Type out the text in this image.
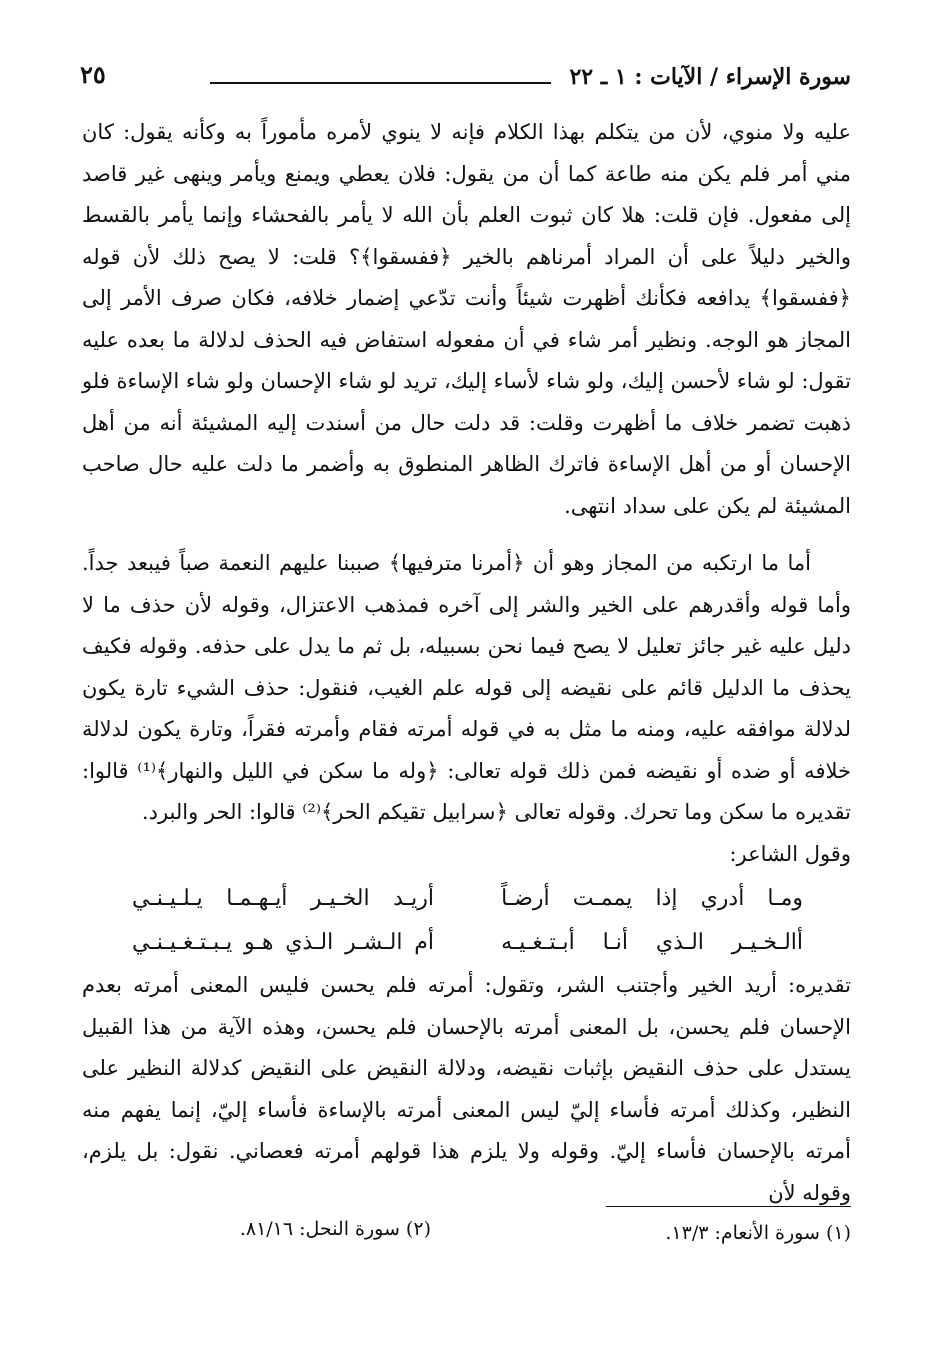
سورة الإسراء / الآيات : ١ ـ ٢٢
٢٥

عليه ولا منوي، لأن من يتكلم بهذا الكلام فإنه لا ينوي لأمره مأموراً به وكأنه يقول: كان مني أمر فلم يكن منه طاعة كما أن من يقول: فلان يعطي ويمنع ويأمر وينهى غير قاصد إلى مفعول. فإن قلت: هلا كان ثبوت العلم بأن الله لا يأمر بالفحشاء وإنما يأمر بالقسط والخير دليلاً على أن المراد أمرناهم بالخير ﴿ففسقوا﴾؟ قلت: لا يصح ذلك لأن قوله ﴿ففسقوا﴾ يدافعه فكأنك أظهرت شيئاً وأنت تدّعي إضمار خلافه، فكان صرف الأمر إلى المجاز هو الوجه. ونظير أمر شاء في أن مفعوله استفاض فيه الحذف لدلالة ما بعده عليه تقول: لو شاء لأحسن إليك، ولو شاء لأساء إليك، تريد لو شاء الإحسان ولو شاء الإساءة فلو ذهبت تضمر خلاف ما أظهرت وقلت: قد دلت حال من أسندت إليه المشيئة أنه من أهل الإحسان أو من أهل الإساءة فاترك الظاهر المنطوق به وأضمر ما دلت عليه حال صاحب المشيئة لم يكن على سداد انتهى.

أما ما ارتكبه من المجاز وهو أن ﴿أمرنا مترفيها﴾ صببنا عليهم النعمة صباً فيبعد جداً. وأما قوله وأقدرهم على الخير والشر إلى آخره فمذهب الاعتزال، وقوله لأن حذف ما لا دليل عليه غير جائز تعليل لا يصح فيما نحن بسبيله، بل ثم ما يدل على حذفه. وقوله فكيف يحذف ما الدليل قائم على نقيضه إلى قوله علم الغيب، فنقول: حذف الشيء تارة يكون لدلالة موافقه عليه، ومنه ما مثل به في قوله أمرته فقام وأمرته فقراً، وتارة يكون لدلالة خلافه أو ضده أو نقيضه فمن ذلك قوله تعالى: ﴿وله ما سكن في الليل والنهار﴾⁽¹⁾ قالوا: تقديره ما سكن وما تحرك. وقوله تعالى ﴿سرابيل تقيكم الحر﴾⁽²⁾ قالوا: الحر والبرد.

وقول الشاعر:

ومـا أدري إذا يممـت أرضـاً
أريـد الخـيـر أيـهـمـا يـلـيـنـي
أالـخـيـر الـذي أنـا أبـتـغـيـه
أم الـشـر الـذي هـو يـبـتـغـيـنـي

تقديره: أريد الخير وأجتنب الشر، وتقول: أمرته فلم يحسن فليس المعنى أمرته بعدم الإحسان فلم يحسن، بل المعنى أمرته بالإحسان فلم يحسن، وهذه الآية من هذا القبيل يستدل على حذف النقيض بإثبات نقيضه، ودلالة النقيض على النقيض كدلالة النظير على النظير، وكذلك أمرته فأساء إليّ ليس المعنى أمرته بالإساءة فأساء إليّ، إنما يفهم منه أمرته بالإحسان فأساء إليّ. وقوله ولا يلزم هذا قولهم أمرته فعصاني. نقول: بل يلزم، وقوله لأن

(١) سورة الأنعام: ١٣/٣.
(٢) سورة النحل: ٨١/١٦.
